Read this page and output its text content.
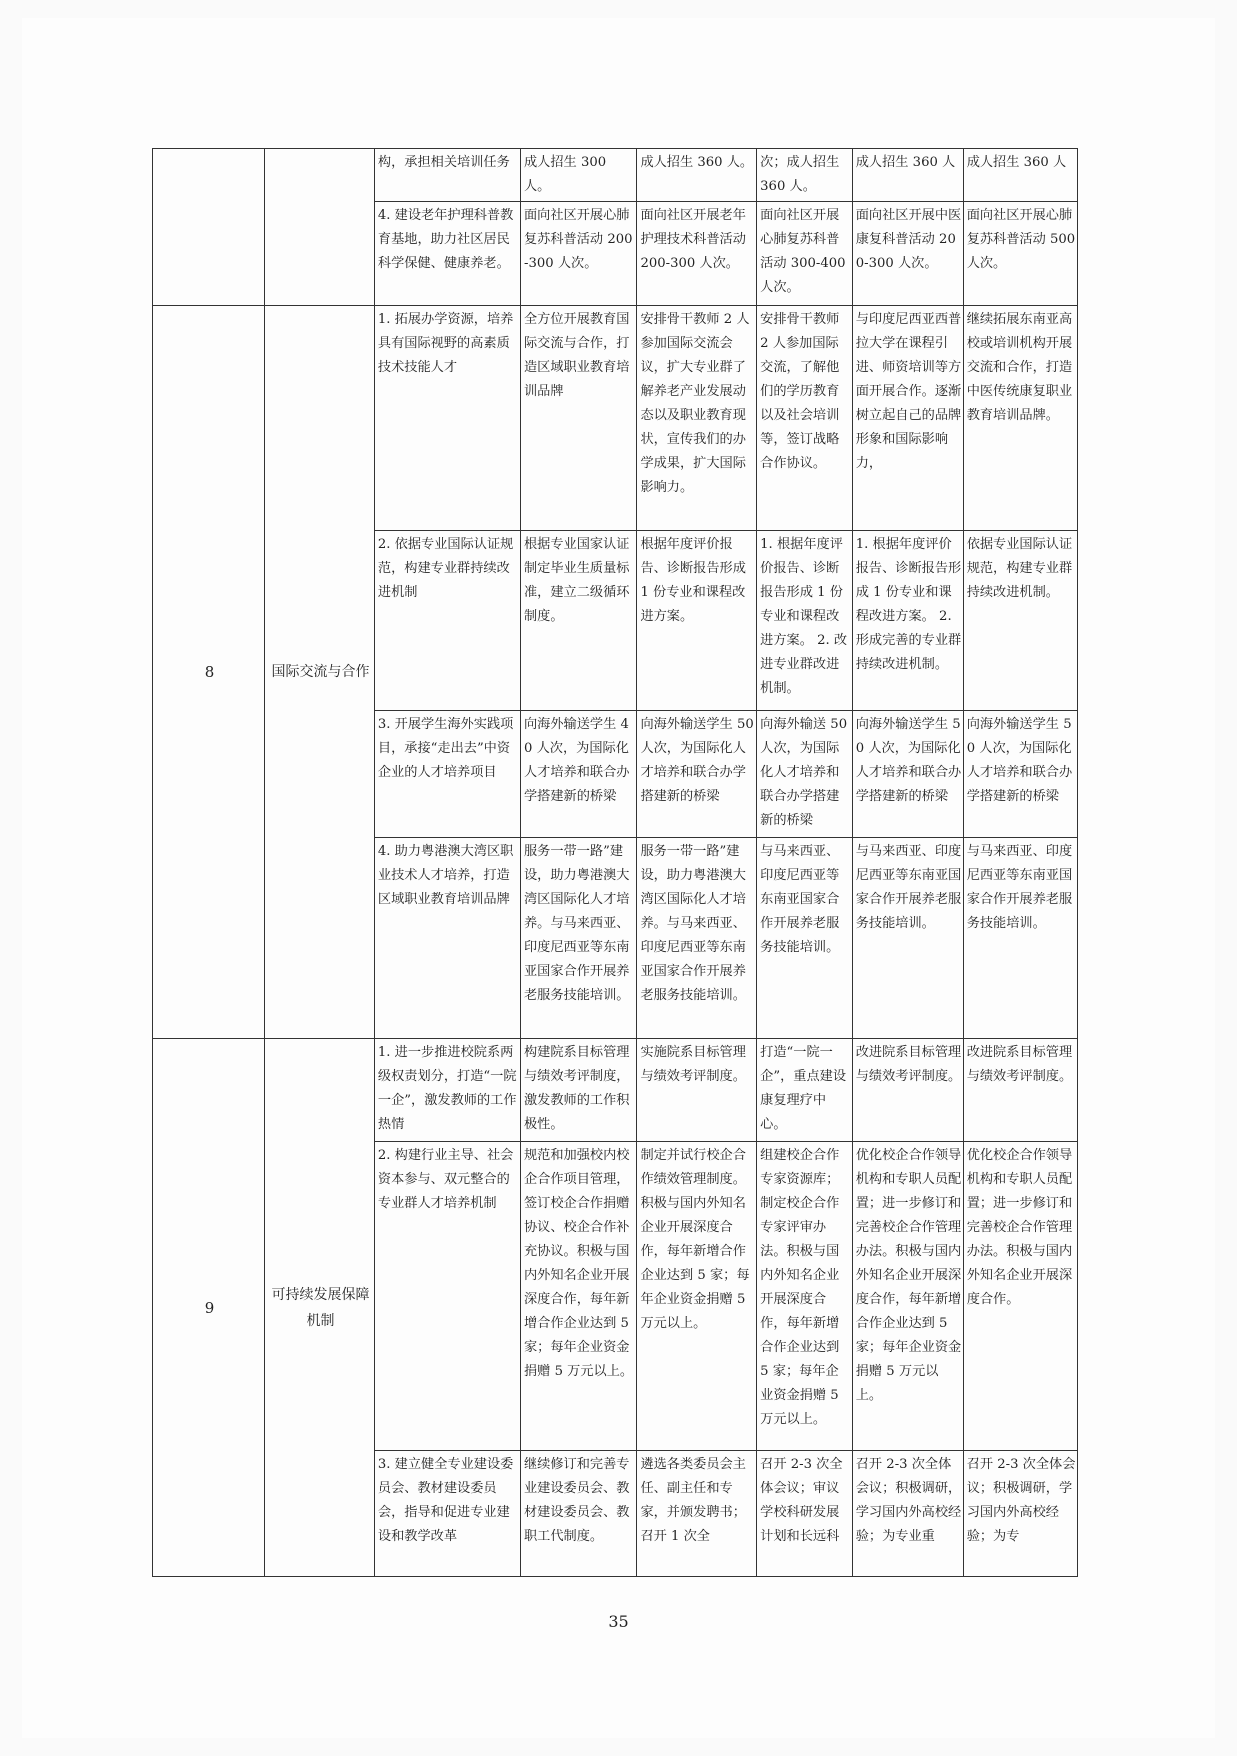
		构，承担相关培训任务	成人招生 300 人。	成人招生 360 人。	次；成人招生 360 人。	成人招生 360 人	成人招生 360 人
		4. 建设老年护理科普教育基地，助力社区居民科学保健、健康养老。	面向社区开展心肺复苏科普活动 200-300 人次。	面向社区开展老年护理技术科普活动 200-300 人次。	面向社区开展心肺复苏科普活动 300-400 人次。	面向社区开展中医康复科普活动 200-300 人次。	面向社区开展心肺复苏科普活动 500 人次。
8	国际交流与合作	1. 拓展办学资源，培养具有国际视野的高素质技术技能人才	全方位开展教育国际交流与合作，打造区域职业教育培训品牌	安排骨干教师 2 人参加国际交流会议，扩大专业群了解养老产业发展动态以及职业教育现状，宣传我们的办学成果，扩大国际影响力。	安排骨干教师 2 人参加国际交流，了解他们的学历教育以及社会培训等，签订战略合作协议。	与印度尼西亚西普拉大学在课程引进、师资培训等方面开展合作。逐渐树立起自己的品牌形象和国际影响力，	继续拓展东南亚高校或培训机构开展交流和合作，打造中医传统康复职业教育培训品牌。
		2. 依据专业国际认证规范，构建专业群持续改进机制	根据专业国家认证制定毕业生质量标准，建立二级循环制度。	根据年度评价报告、诊断报告形成 1 份专业和课程改进方案。	1. 根据年度评价报告、诊断报告形成 1 份专业和课程改进方案。 2. 改进专业群改进机制。	1. 根据年度评价报告、诊断报告形成 1 份专业和课程改进方案。 2. 形成完善的专业群持续改进机制。	依据专业国际认证规范，构建专业群持续改进机制。
		3. 开展学生海外实践项目，承接“走出去”中资企业的人才培养项目	向海外输送学生 40 人次，为国际化人才培养和联合办学搭建新的桥梁	向海外输送学生 50 人次，为国际化人才培养和联合办学搭建新的桥梁	向海外输送 50 人次，为国际化人才培养和联合办学搭建新的桥梁	向海外输送学生 50 人次，为国际化人才培养和联合办学搭建新的桥梁	向海外输送学生 50 人次，为国际化人才培养和联合办学搭建新的桥梁
		4. 助力粤港澳大湾区职业技术人才培养，打造区域职业教育培训品牌	服务一带一路”建设，助力粤港澳大湾区国际化人才培养。与马来西亚、印度尼西亚等东南亚国家合作开展养老服务技能培训。	服务一带一路”建设，助力粤港澳大湾区国际化人才培养。与马来西亚、印度尼西亚等东南亚国家合作开展养老服务技能培训。	与马来西亚、印度尼西亚等东南亚国家合作开展养老服务技能培训。	与马来西亚、印度尼西亚等东南亚国家合作开展养老服务技能培训。	与马来西亚、印度尼西亚等东南亚国家合作开展养老服务技能培训。
9	可持续发展保障机制	1. 进一步推进校院系两级权责划分，打造“一院一企”，激发教师的工作热情	构建院系目标管理与绩效考评制度，激发教师的工作积极性。	实施院系目标管理与绩效考评制度。	打造“一院一企”，重点建设康复理疗中心。	改进院系目标管理与绩效考评制度。	改进院系目标管理与绩效考评制度。
		2. 构建行业主导、社会资本参与、双元整合的专业群人才培养机制	规范和加强校内校企合作项目管理，签订校企合作捐赠协议、校企合作补充协议。积极与国内外知名企业开展深度合作，每年新增合作企业达到 5 家；每年企业资金捐赠 5 万元以上。	制定并试行校企合作绩效管理制度。积极与国内外知名企业开展深度合作，每年新增合作企业达到 5 家；每年企业资金捐赠 5 万元以上。	组建校企合作专家资源库；制定校企合作专家评审办法。积极与国内外知名企业开展深度合作，每年新增合作企业达到 5 家；每年企业资金捐赠 5 万元以上。	优化校企合作领导机构和专职人员配置；进一步修订和完善校企合作管理办法。积极与国内外知名企业开展深度合作，每年新增合作企业达到 5 家；每年企业资金捐赠 5 万元以上。	优化校企合作领导机构和专职人员配置；进一步修订和完善校企合作管理办法。积极与国内外知名企业开展深度合作。
		3. 建立健全专业建设委员会、教材建设委员会，指导和促进专业建设和教学改革	继续修订和完善专业建设委员会、教材建设委员会、教职工代制度。	遴选各类委员会主任、副主任和专家，并颁发聘书；召开 1 次全	召开 2-3 次全体会议；审议学校科研发展计划和长远科	召开 2-3 次全体会议；积极调研，学习国内外高校经验；为专业重	召开 2-3 次全体会议；积极调研，学习国内外高校经验；为专
35
